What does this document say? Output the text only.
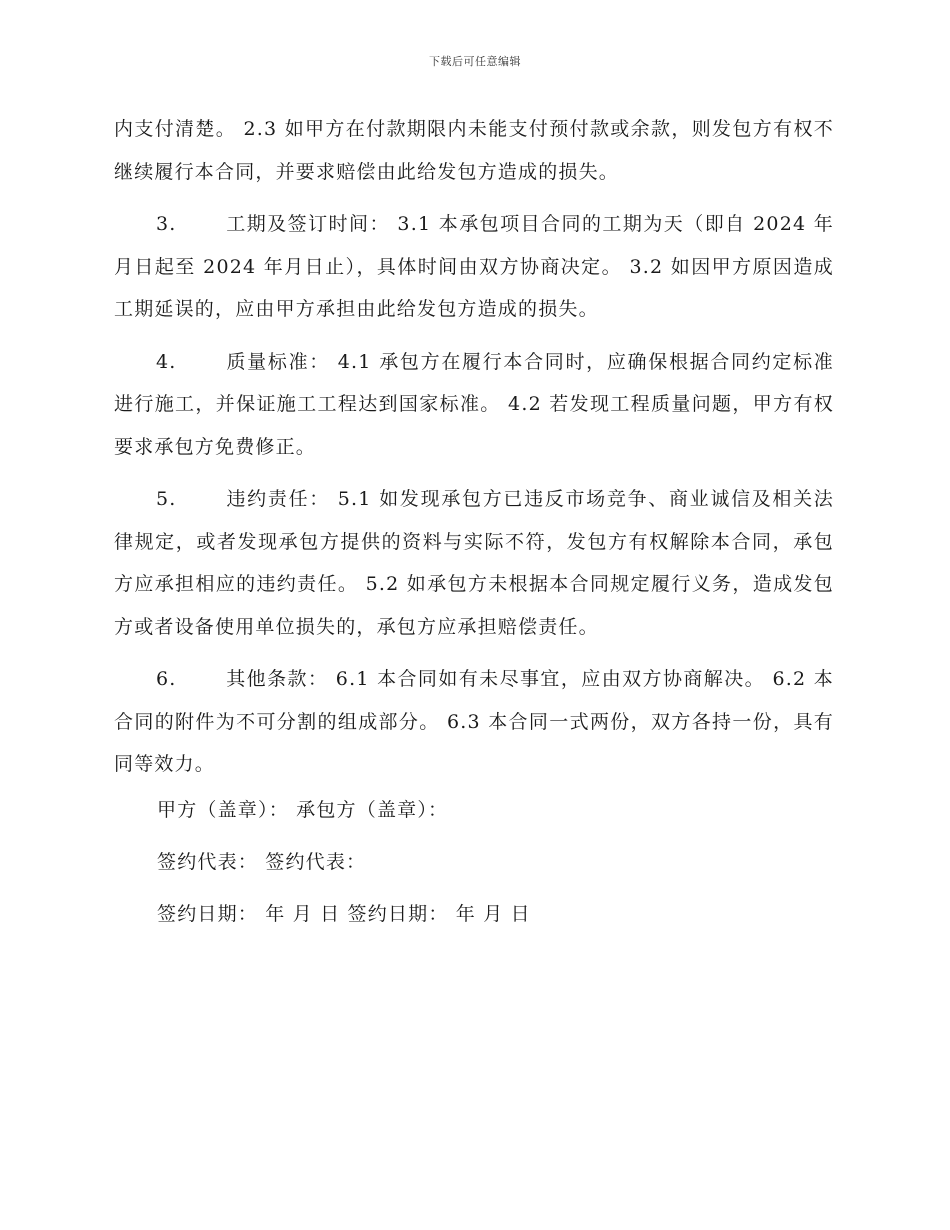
下载后可任意编辑

内支付清楚。 2.3 如甲方在付款期限内未能支付预付款或余款，则发包方有权不继续履行本合同，并要求赔偿由此给发包方造成的损失。

3.	工期及签订时间： 3.1 本承包项目合同的工期为天（即自 2024 年月日起至 2024 年月日止），具体时间由双方协商决定。 3.2 如因甲方原因造成工期延误的，应由甲方承担由此给发包方造成的损失。

4.	质量标准： 4.1 承包方在履行本合同时，应确保根据合同约定标准进行施工，并保证施工工程达到国家标准。 4.2 若发现工程质量问题，甲方有权要求承包方免费修正。

5.	违约责任： 5.1 如发现承包方已违反市场竞争、商业诚信及相关法律规定，或者发现承包方提供的资料与实际不符，发包方有权解除本合同，承包方应承担相应的违约责任。 5.2 如承包方未根据本合同规定履行义务，造成发包方或者设备使用单位损失的，承包方应承担赔偿责任。

6.	其他条款： 6.1 本合同如有未尽事宜，应由双方协商解决。 6.2 本合同的附件为不可分割的组成部分。 6.3 本合同一式两份，双方各持一份，具有同等效力。

甲方（盖章）： 承包方（盖章）：

签约代表： 签约代表：

签约日期： 年 月 日 签约日期： 年 月 日
